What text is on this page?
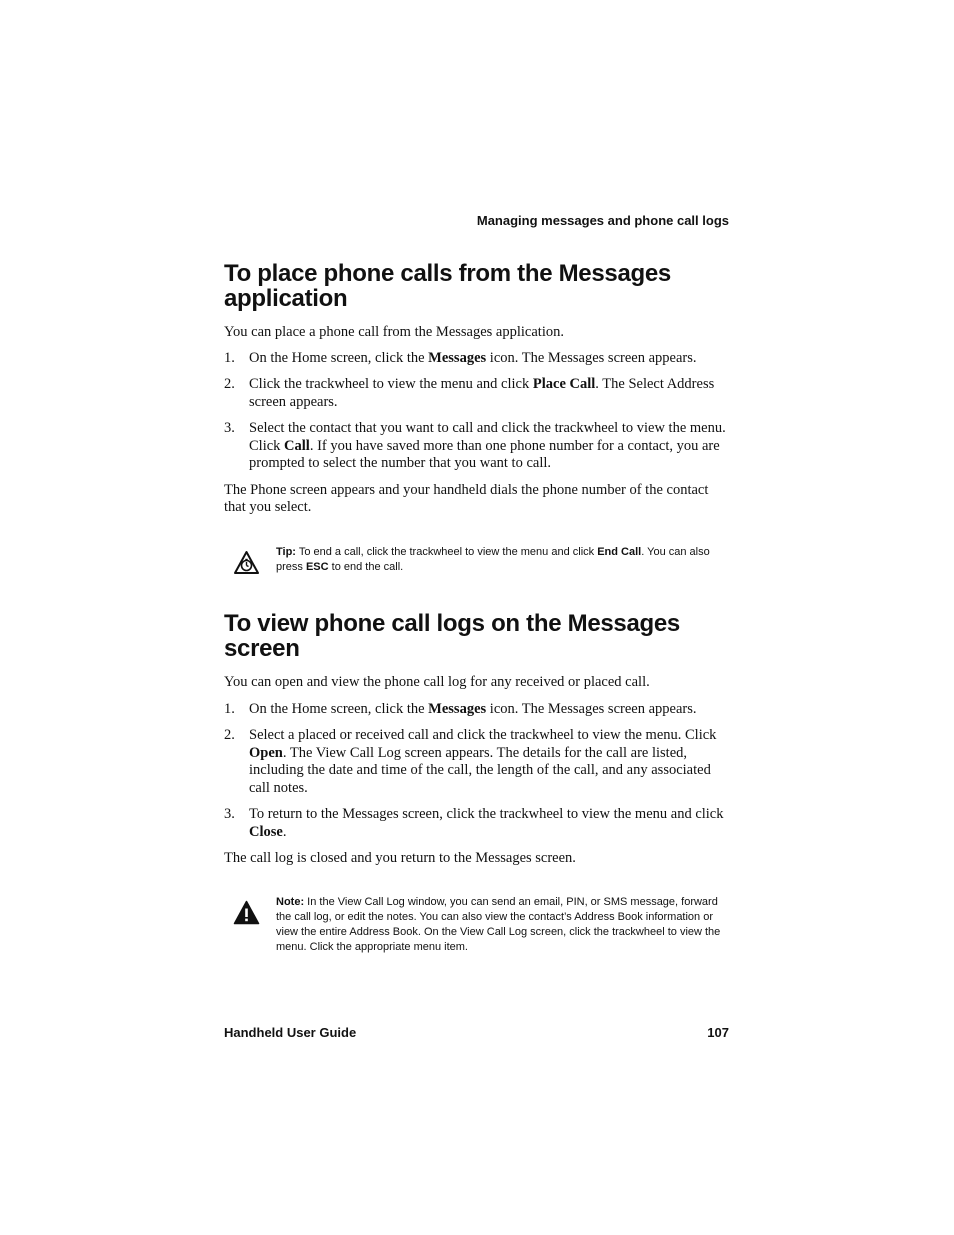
Managing messages and phone call logs
To place phone calls from the Messages
application

You can place a phone call from the Messages application.

1. On the Home screen, click the Messages icon. The Messages screen appears.
2. Click the trackwheel to view the menu and click Place Call. The Select Address screen appears.
3. Select the contact that you want to call and click the trackwheel to view the menu. Click Call. If you have saved more than one phone number for a contact, you are prompted to select the number that you want to call.

The Phone screen appears and your handheld dials the phone number of the contact that you select.

Tip: To end a call, click the trackwheel to view the menu and click End Call. You can also press ESC to end the call.
To view phone call logs on the Messages
screen

You can open and view the phone call log for any received or placed call.

1. On the Home screen, click the Messages icon. The Messages screen appears.
2. Select a placed or received call and click the trackwheel to view the menu. Click Open. The View Call Log screen appears. The details for the call are listed, including the date and time of the call, the length of the call, and any associated call notes.
3. To return to the Messages screen, click the trackwheel to view the menu and click Close.

The call log is closed and you return to the Messages screen.

Note: In the View Call Log window, you can send an email, PIN, or SMS message, forward the call log, or edit the notes. You can also view the contact’s Address Book information or view the entire Address Book. On the View Call Log screen, click the trackwheel to view the menu. Click the appropriate menu item.
Handheld User Guide	107
